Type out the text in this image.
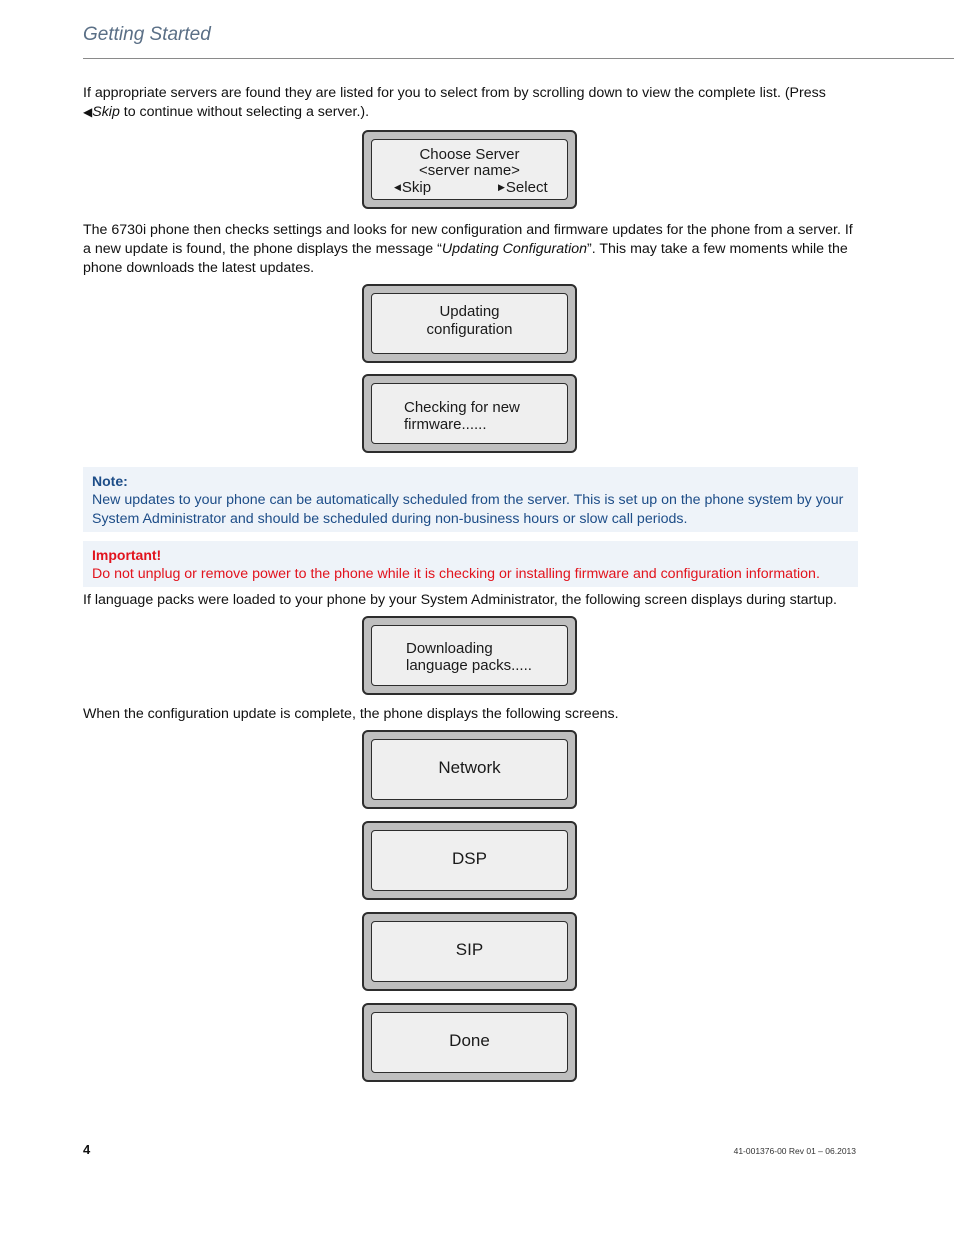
Getting Started

If appropriate servers are found they are listed for you to select from by scrolling down to view the complete list. (Press ◀Skip to continue without selecting a server.).

Choose Server
<server name>
◀Skip	▶Select

The 6730i phone then checks settings and looks for new configuration and firmware updates for the phone from a server. If a new update is found, the phone displays the message “Updating Configuration”. This may take a few moments while the phone downloads the latest updates.

Updating
configuration
Checking for new
firmware......
Note:
New updates to your phone can be automatically scheduled from the server. This is set up on the phone system by your System Administrator and should be scheduled during non-business hours or slow call periods.
Important!
Do not unplug or remove power to the phone while it is checking or installing firmware and configuration information.

If language packs were loaded to your phone by your System Administrator, the following screen displays during startup.

Downloading
language packs.....

When the configuration update is complete, the phone displays the following screens.

Network
DSP
SIP
Done
4	41-001376-00 Rev 01 – 06.2013
